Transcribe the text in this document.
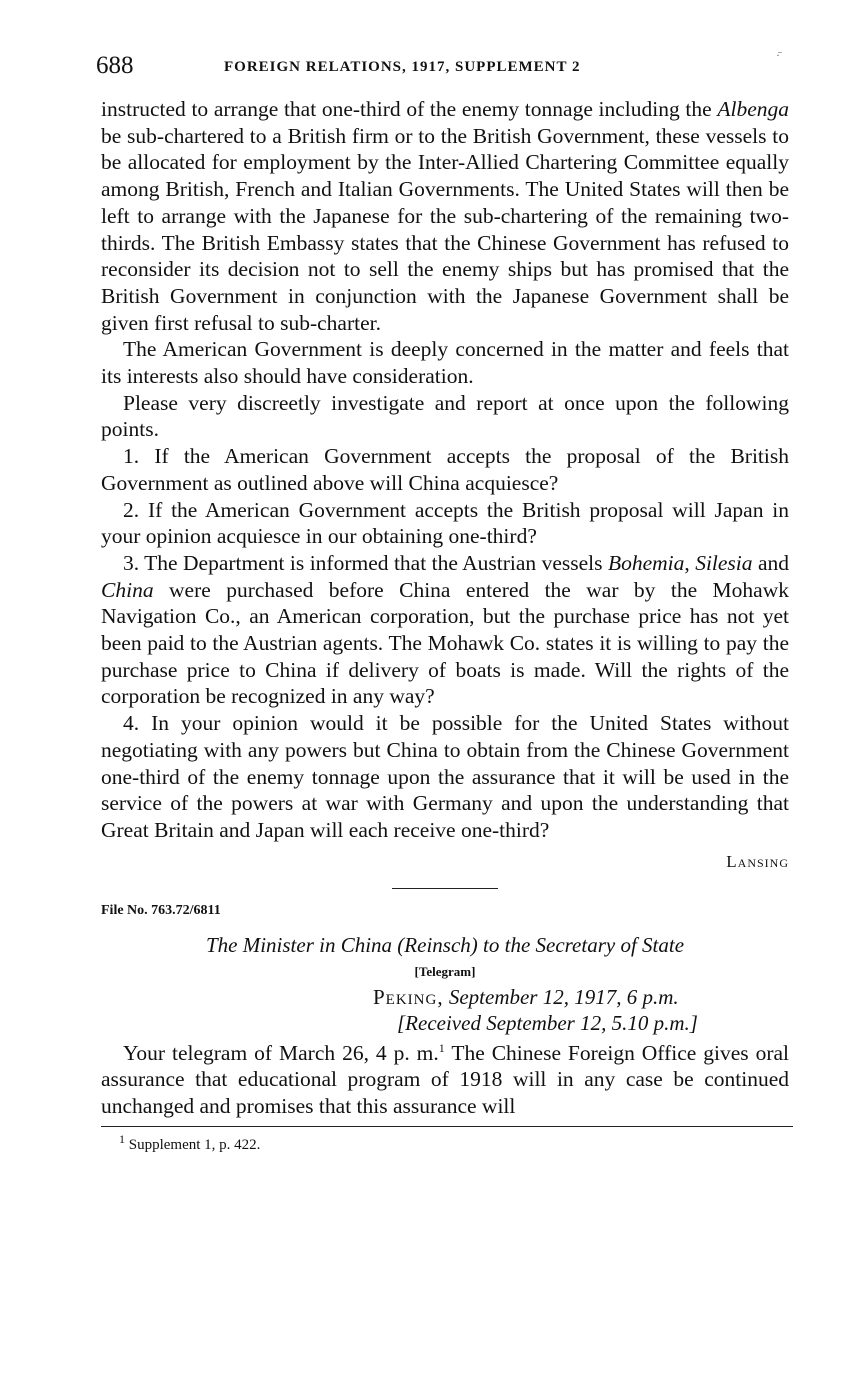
688	FOREIGN RELATIONS, 1917, SUPPLEMENT 2
·̄

instructed to arrange that one-third of the enemy tonnage including the Albenga be sub-chartered to a British firm or to the British Government, these vessels to be allocated for employment by the Inter-Allied Chartering Committee equally among British, French and Italian Governments. The United States will then be left to arrange with the Japanese for the sub-chartering of the remaining two-thirds. The British Embassy states that the Chinese Government has refused to reconsider its decision not to sell the enemy ships but has promised that the British Government in conjunction with the Japanese Government shall be given first refusal to sub-charter.

The American Government is deeply concerned in the matter and feels that its interests also should have consideration.

Please very discreetly investigate and report at once upon the following points.

1. If the American Government accepts the proposal of the British Government as outlined above will China acquiesce?

2. If the American Government accepts the British proposal will Japan in your opinion acquiesce in our obtaining one-third?

3. The Department is informed that the Austrian vessels Bohemia, Silesia and China were purchased before China entered the war by the Mohawk Navigation Co., an American corporation, but the purchase price has not yet been paid to the Austrian agents. The Mohawk Co. states it is willing to pay the purchase price to China if delivery of boats is made. Will the rights of the corporation be recognized in any way?

4. In your opinion would it be possible for the United States without negotiating with any powers but China to obtain from the Chinese Government one-third of the enemy tonnage upon the assurance that it will be used in the service of the powers at war with Germany and upon the understanding that Great Britain and Japan will each receive one-third?

Lansing
File No. 763.72/6811
The Minister in China (Reinsch) to the Secretary of State
[Telegram]
Peking, September 12, 1917, 6 p.m.
[Received September 12, 5.10 p.m.]

Your telegram of March 26, 4 p. m.$^1$ The Chinese Foreign Office gives oral assurance that educational program of 1918 will in any case be continued unchanged and promises that this assurance will

$^1$ Supplement 1, p. 422.
